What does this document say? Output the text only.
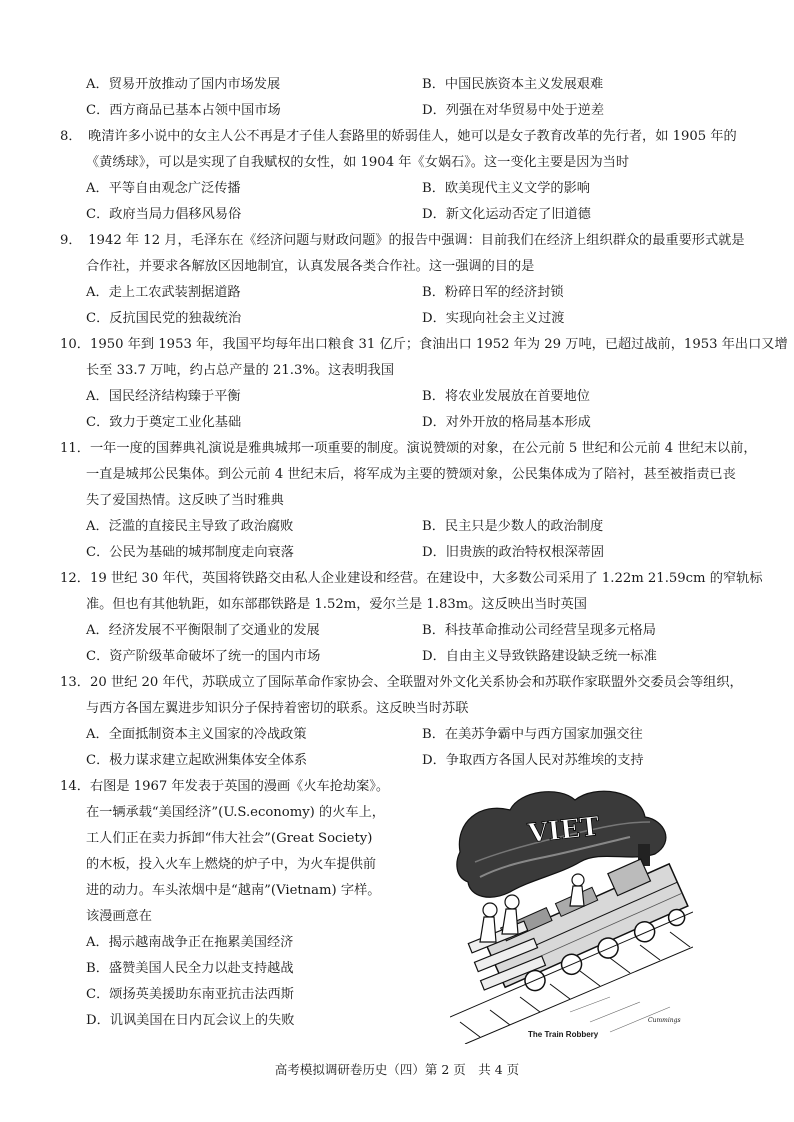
A．贸易开放推动了国内市场发展	B．中国民族资本主义发展艰难
C．西方商品已基本占领中国市场	D．列强在对华贸易中处于逆差
8．　晚清许多小说中的女主人公不再是才子佳人套路里的娇弱佳人，她可以是女子教育改革的先行者，如 1905 年的
《黄绣球》，可以是实现了自我赋权的女性，如 1904 年《女娲石》。这一变化主要是因为当时
A．平等自由观念广泛传播	B．欧美现代主义文学的影响
C．政府当局力倡移风易俗	D．新文化运动否定了旧道德
9．　1942 年 12 月，毛泽东在《经济问题与财政问题》的报告中强调：目前我们在经济上组织群众的最重要形式就是
合作社，并要求各解放区因地制宜，认真发展各类合作社。这一强调的目的是
A．走上工农武装割据道路	B．粉碎日军的经济封锁
C．反抗国民党的独裁统治	D．实现向社会主义过渡
10．1950 年到 1953 年，我国平均每年出口粮食 31 亿斤；食油出口 1952 年为 29 万吨，已超过战前，1953 年出口又增
长至 33.7 万吨，约占总产量的 21.3%。这表明我国
A．国民经济结构臻于平衡	B．将农业发展放在首要地位
C．致力于奠定工业化基础	D．对外开放的格局基本形成
11．一年一度的国葬典礼演说是雅典城邦一项重要的制度。演说赞颂的对象，在公元前 5 世纪和公元前 4 世纪末以前，
一直是城邦公民集体。到公元前 4 世纪末后，将军成为主要的赞颂对象，公民集体成为了陪衬，甚至被指责已丧
失了爱国热情。这反映了当时雅典
A．泛滥的直接民主导致了政治腐败	B．民主只是少数人的政治制度
C．公民为基础的城邦制度走向衰落	D．旧贵族的政治特权根深蒂固
12．19 世纪 30 年代，英国将铁路交由私人企业建设和经营。在建设中，大多数公司采用了 1.22m 21.59cm 的窄轨标
准。但也有其他轨距，如东部郡铁路是 1.52m，爱尔兰是 1.83m。这反映出当时英国
A．经济发展不平衡限制了交通业的发展	B．科技革命推动公司经营呈现多元格局
C．资产阶级革命破坏了统一的国内市场	D．自由主义导致铁路建设缺乏统一标准
13．20 世纪 20 年代，苏联成立了国际革命作家协会、全联盟对外文化关系协会和苏联作家联盟外交委员会等组织，
与西方各国左翼进步知识分子保持着密切的联系。这反映当时苏联
A．全面抵制资本主义国家的冷战政策	B．在美苏争霸中与西方国家加强交往
C．极力谋求建立起欧洲集体安全体系	D．争取西方各国人民对苏维埃的支持
14．右图是 1967 年发表于英国的漫画《火车抢劫案》。
在一辆承载“美国经济”(U.S.economy) 的火车上，
工人们正在卖力拆卸“伟大社会”(Great Society)
的木板，投入火车上燃烧的炉子中，为火车提供前
进的动力。车头浓烟中是“越南”(Vietnam) 字样。
该漫画意在
A．揭示越南战争正在拖累美国经济
B．盛赞美国人民全力以赴支持越战
C．颂扬英美援助东南亚抗击法西斯
D．讥讽美国在日内瓦会议上的失败
VIET
Cummings
The Train Robbery
高考模拟调研卷历史（四）第 2 页　共 4 页
